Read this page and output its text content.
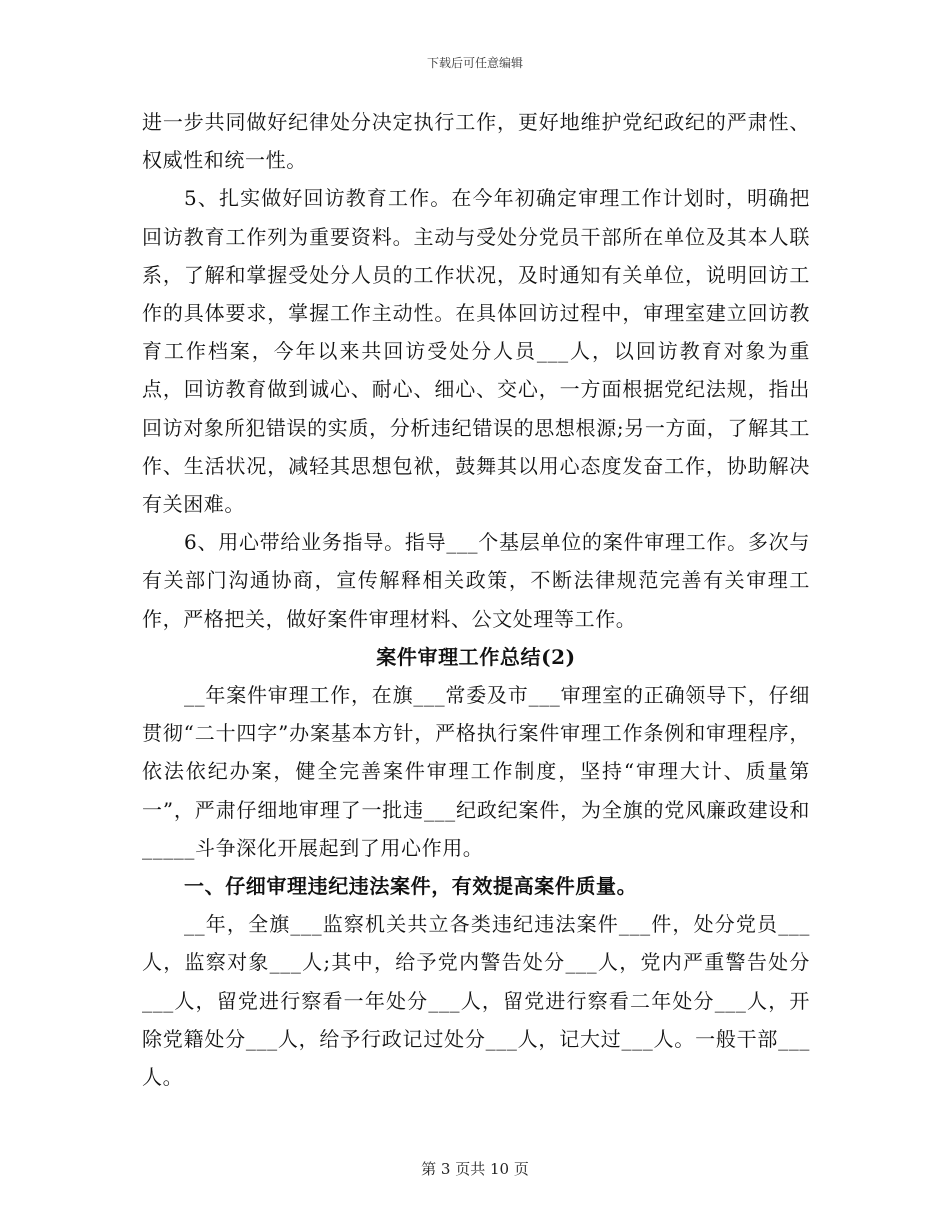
下载后可任意编辑

进一步共同做好纪律处分决定执行工作，更好地维护党纪政纪的严肃性、权威性和统一性。

5、扎实做好回访教育工作。在今年初确定审理工作计划时，明确把回访教育工作列为重要资料。主动与受处分党员干部所在单位及其本人联系，了解和掌握受处分人员的工作状况，及时通知有关单位，说明回访工作的具体要求，掌握工作主动性。在具体回访过程中，审理室建立回访教育工作档案，今年以来共回访受处分人员___人，以回访教育对象为重点，回访教育做到诚心、耐心、细心、交心，一方面根据党纪法规，指出回访对象所犯错误的实质，分析违纪错误的思想根源;另一方面，了解其工作、生活状况，减轻其思想包袱，鼓舞其以用心态度发奋工作，协助解决有关困难。

6、用心带给业务指导。指导___个基层单位的案件审理工作。多次与有关部门沟通协商，宣传解释相关政策，不断法律规范完善有关审理工作，严格把关，做好案件审理材料、公文处理等工作。

案件审理工作总结(2)

__年案件审理工作，在旗___常委及市___审理室的正确领导下，仔细贯彻“二十四字”办案基本方针，严格执行案件审理工作条例和审理程序，依法依纪办案，健全完善案件审理工作制度，坚持“审理大计、质量第一”，严肃仔细地审理了一批违___纪政纪案件，为全旗的党风廉政建设和_____斗争深化开展起到了用心作用。

一、仔细审理违纪违法案件，有效提高案件质量。

__年，全旗___监察机关共立各类违纪违法案件___件，处分党员___人，监察对象___人;其中，给予党内警告处分___人，党内严重警告处分___人，留党进行察看一年处分___人，留党进行察看二年处分___人，开除党籍处分___人，给予行政记过处分___人，记大过___人。一般干部___人。

第 3 页共 10 页
